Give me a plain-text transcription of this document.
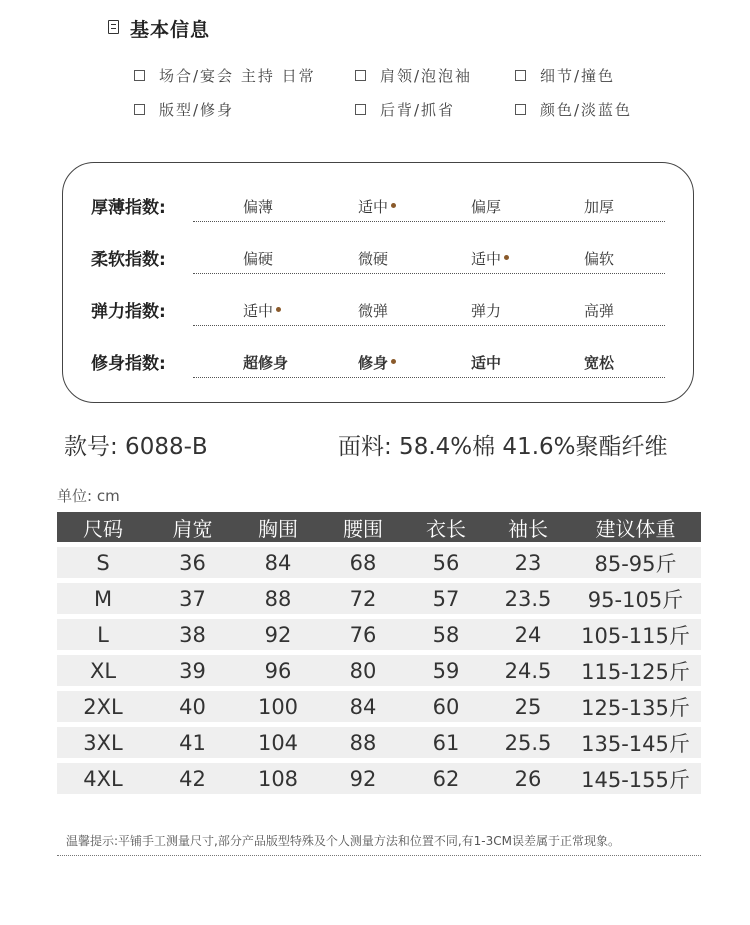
基本信息
场合/宴会 主持 日常	肩领/泡泡袖	细节/撞色
版型/修身	后背/抓省	颜色/淡蓝色
厚薄指数:	偏薄	适中	偏厚	加厚
柔软指数:	偏硬	微硬	适中	偏软
弹力指数:	适中	微弹	弹力	高弹
修身指数:	超修身	修身	适中	宽松
款号: 6088-B	面料: 58.4%棉 41.6%聚酯纤维
单位: cm
尺码	肩宽	胸围	腰围	衣长	袖长	建议体重
S	36	84	68	56	23	85-95斤
M	37	88	72	57	23.5	95-105斤
L	38	92	76	58	24	105-115斤
XL	39	96	80	59	24.5	115-125斤
2XL	40	100	84	60	25	125-135斤
3XL	41	104	88	61	25.5	135-145斤
4XL	42	108	92	62	26	145-155斤
温馨提示:平铺手工测量尺寸,部分产品版型特殊及个人测量方法和位置不同,有1-3CM误差属于正常现象。
